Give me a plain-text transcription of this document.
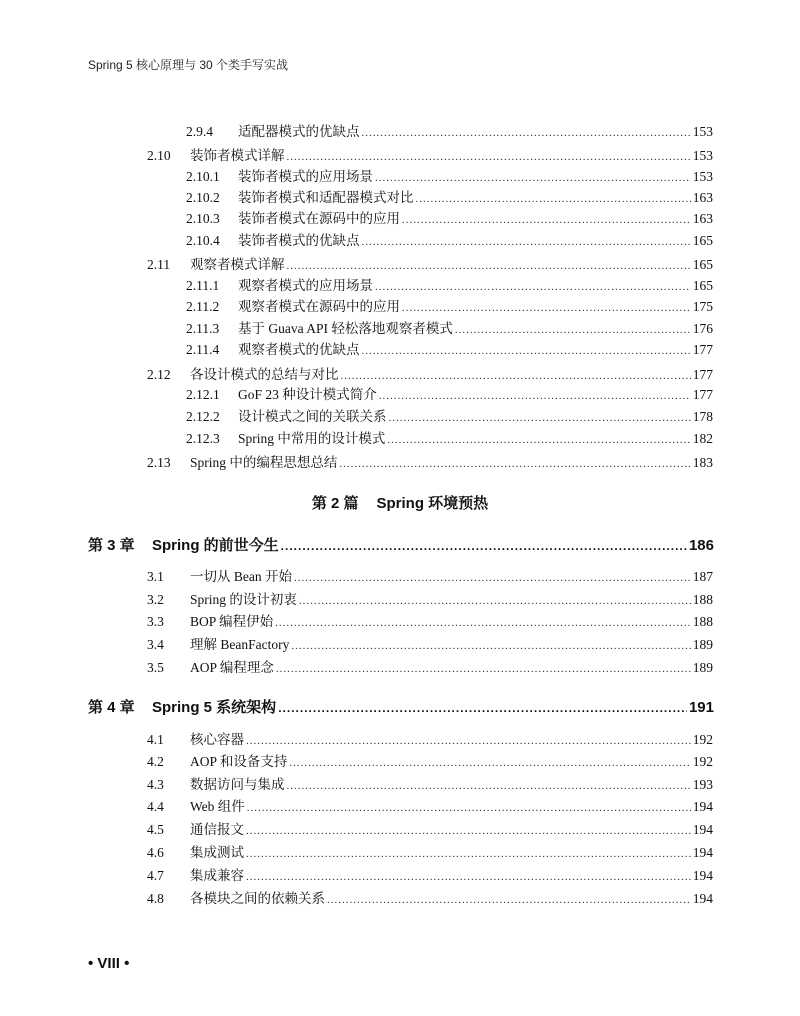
Spring 5 核心原理与 30 个类手写实战
2.9.4	适配器模式的优缺点 .....	153
2.10	装饰者模式详解 .....	153
2.10.1	装饰者模式的应用场景 .....	153
2.10.2	装饰者模式和适配器模式对比 .....	163
2.10.3	装饰者模式在源码中的应用 .....	163
2.10.4	装饰者模式的优缺点 .....	165
2.11	观察者模式详解 .....	165
2.11.1	观察者模式的应用场景 .....	165
2.11.2	观察者模式在源码中的应用 .....	175
2.11.3	基于 Guava API 轻松落地观察者模式 .....	176
2.11.4	观察者模式的优缺点 .....	177
2.12	各设计模式的总结与对比 .....	177
2.12.1	GoF 23 种设计模式简介 .....	177
2.12.2	设计模式之间的关联关系 .....	178
2.12.3	Spring 中常用的设计模式 .....	182
2.13	Spring 中的编程思想总结 .....	183
第 2 篇 Spring 环境预热
第 3 章	Spring 的前世今生 .....	186
3.1	一切从 Bean 开始 .....	187
3.2	Spring 的设计初衷 .....	188
3.3	BOP 编程伊始 .....	188
3.4	理解 BeanFactory .....	189
3.5	AOP 编程理念 .....	189
第 4 章	Spring 5 系统架构 .....	191
4.1	核心容器 .....	192
4.2	AOP 和设备支持 .....	192
4.3	数据访问与集成 .....	193
4.4	Web 组件 .....	194
4.5	通信报文 .....	194
4.6	集成测试 .....	194
4.7	集成兼容 .....	194
4.8	各模块之间的依赖关系 .....	194
• VIII •
